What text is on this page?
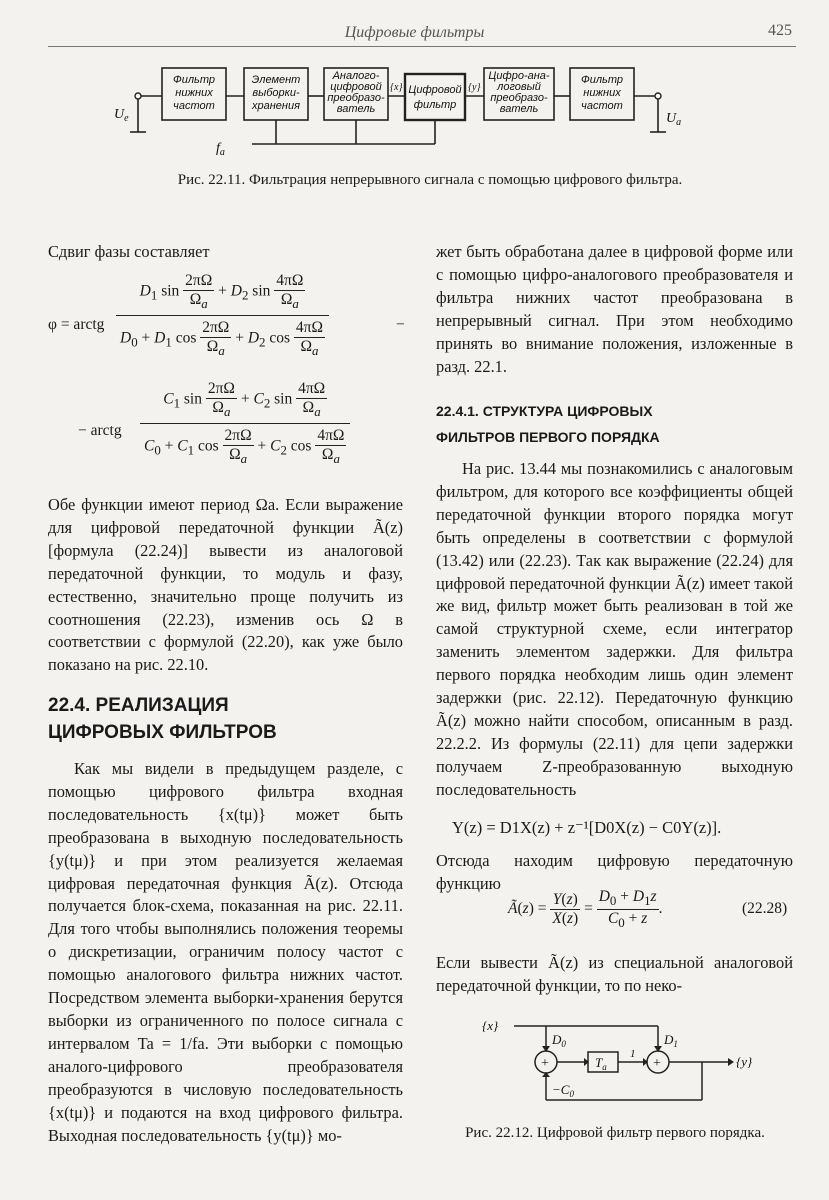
Цифровые фильтры	425
Фильтр
нижних
частот
Элемент
выборки-
хранения
Аналого-
цифровой
преобразо-
ватель
Цифровой
фильтр
Цифро-ана-
логовый
преобразо-
ватель
Фильтр
нижних
частот
$U_e$	$U_a$
$f_a$
{x}	{y}
Рис. 22.11. Фильтрация непрерывного сигнала с помощью цифрового фильтра.
Сдвиг фазы составляет
φ = arctg $\frac{D_1 \sin \frac{2\pi\Omega}{\Omega_a} + D_2 \sin \frac{4\pi\Omega}{\Omega_a}}{D_0 + D_1 \cos \frac{2\pi\Omega}{\Omega_a} + D_2 \cos \frac{4\pi\Omega}{\Omega_a}}$	−
− arctg $\frac{C_1 \sin \frac{2\pi\Omega}{\Omega_a} + C_2 \sin \frac{4\pi\Omega}{\Omega_a}}{C_0 + C_1 \cos \frac{2\pi\Omega}{\Omega_a} + C_2 \cos \frac{4\pi\Omega}{\Omega_a}}$

Обе функции имеют период Ωa. Если выражение для цифровой передаточной функции Ã(z) [формула (22.24)] вывести из аналоговой передаточной функции, то модуль и фазу, естественно, значительно проще получить из соотношения (22.23), изменив ось Ω в соответствии с формулой (22.20), как уже было показано на рис. 22.10.

22.4. РЕАЛИЗАЦИЯ
ЦИФРОВЫХ ФИЛЬТРОВ

Как мы видели в предыдущем разделе, с помощью цифрового фильтра входная последовательность {x(tμ)} может быть преобразована в выходную последовательность {y(tμ)} и при этом реализуется желаемая цифровая передаточная функция Ã(z). Отсюда получается блок-схема, показанная на рис. 22.11. Для того чтобы выполнялись положения теоремы о дискретизации, ограничим полосу частот с помощью аналогового фильтра нижних частот. Посредством элемента выборки-хранения берутся выборки из ограниченного по полосе сигнала с интервалом Ta = 1/fa. Эти выборки с помощью аналого-цифрового преобразователя преобразуются в числовую последовательность {x(tμ)} и подаются на вход цифрового фильтра. Выходная последовательность {y(tμ)} мо-

жет быть обработана далее в цифровой форме или с помощью цифро-аналогового преобразователя и фильтра нижних частот преобразована в непрерывный сигнал. При этом необходимо принять во внимание положения, изложенные в разд. 22.1.

22.4.1. СТРУКТУРА ЦИФРОВЫХ
ФИЛЬТРОВ ПЕРВОГО ПОРЯДКА

На рис. 13.44 мы познакомились с аналоговым фильтром, для которого все коэффициенты общей передаточной функции второго порядка могут быть определены в соответствии с формулой (13.42) или (22.23). Так как выражение (22.24) для цифровой передаточной функции Ã(z) имеет такой же вид, фильтр может быть реализован в той же самой структурной схеме, если интегратор заменить элементом задержки. Для фильтра первого порядка необходим лишь один элемент задержки (рис. 22.12). Передаточную функцию Ã(z) можно найти способом, описанным в разд. 22.2.2. Из формулы (22.11) для цепи задержки получаем Z-преобразованную выходную последовательность

Y(z) = D1X(z) + z⁻¹[D0X(z) − C0Y(z)].

Отсюда находим цифровую передаточную функцию

Ã(z) = $\frac{Y(z)}{X(z)} = \frac{D_0 + D_1z}{C_0 + z}$ .	(22.28)

Если вывести Ã(z) из специальной аналоговой передаточной функции, то по неко-

{x}
{y}
$D_0$	$D_1$
$-C_0$
$T_a$
1
+	+
Рис. 22.12. Цифровой фильтр первого порядка.
